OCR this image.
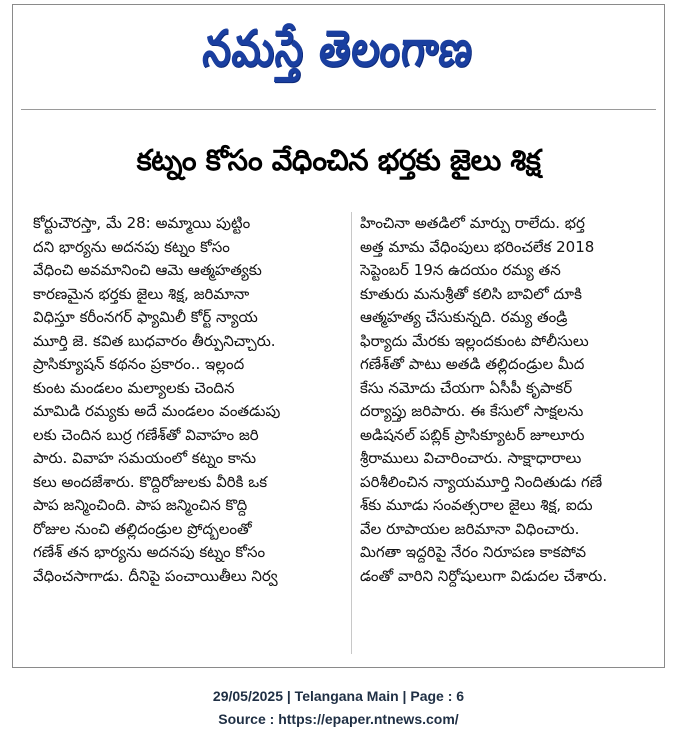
నమస్తే తెలంగాణ
కట్నం కోసం వేధించిన భర్తకు జైలు శిక్ష
కోర్టుచౌరస్తా, మే 28: అమ్మాయి పుట్టిం
దని భార్యను అదనపు కట్నం కోసం
వేధించి అవమానించి ఆమె ఆత్మహత్యకు
కారణమైన భర్తకు జైలు శిక్ష, జరిమానా
విధిస్తూ కరీంనగర్ ఫ్యామిలీ కోర్ట్ న్యాయ
మూర్తి జె. కవిత బుధవారం తీర్పునిచ్చారు.
ప్రాసిక్యూషన్ కథనం ప్రకారం.. ఇల్లంద
కుంట మండలం మల్యాలకు చెందిన
మామిడి రమ్యకు అదే మండలం వంతడుపు
లకు చెందిన బుర్ర గణేశ్‌తో వివాహం జరి
పారు. వివాహ సమయంలో కట్నం కాను
కలు అందజేశారు. కొద్దిరోజులకు వీరికి ఒక
పాప జన్మించింది. పాప జన్మించిన కొద్ది
రోజుల నుంచి తల్లిదండ్రుల ప్రోద్బలంతో
గణేశ్ తన భార్యను అదనపు కట్నం కోసం
వేధించసాగాడు. దీనిపై పంచాయితీలు నిర్వ
హించినా అతడిలో మార్పు రాలేదు. భర్త
అత్త మామ వేధింపులు భరించలేక 2018
సెప్టెంబర్ 19న ఉదయం రమ్య తన
కూతురు మనుశ్రీతో కలిసి బావిలో దూకి
ఆత్మహత్య చేసుకున్నది. రమ్య తండ్రి
ఫిర్యాదు మేరకు ఇల్లందకుంట పోలీసులు
గణేశ్‌తో పాటు అతడి తల్లిదండ్రుల మీద
కేసు నమోదు చేయగా ఏసీపీ కృపాకర్
దర్యాప్తు జరిపారు. ఈ కేసులో సాక్షలను
అడిషనల్ పబ్లిక్ ప్రాసిక్యూటర్ జూలూరు
శ్రీరాములు విచారించారు. సాక్షాధారాలు
పరిశీలించిన న్యాయమూర్తి నిందితుడు గణే
శ్‌కు మూడు సంవత్సరాల జైలు శిక్ష, ఐదు
వేల రూపాయల జరిమానా విధించారు.
మిగతా ఇద్దరిపై నేరం నిరూపణ కాకపోవ
డంతో వారిని నిర్దోషులుగా విడుదల చేశారు.
29/05/2025 | Telangana Main | Page : 6
Source : https://epaper.ntnews.com/
